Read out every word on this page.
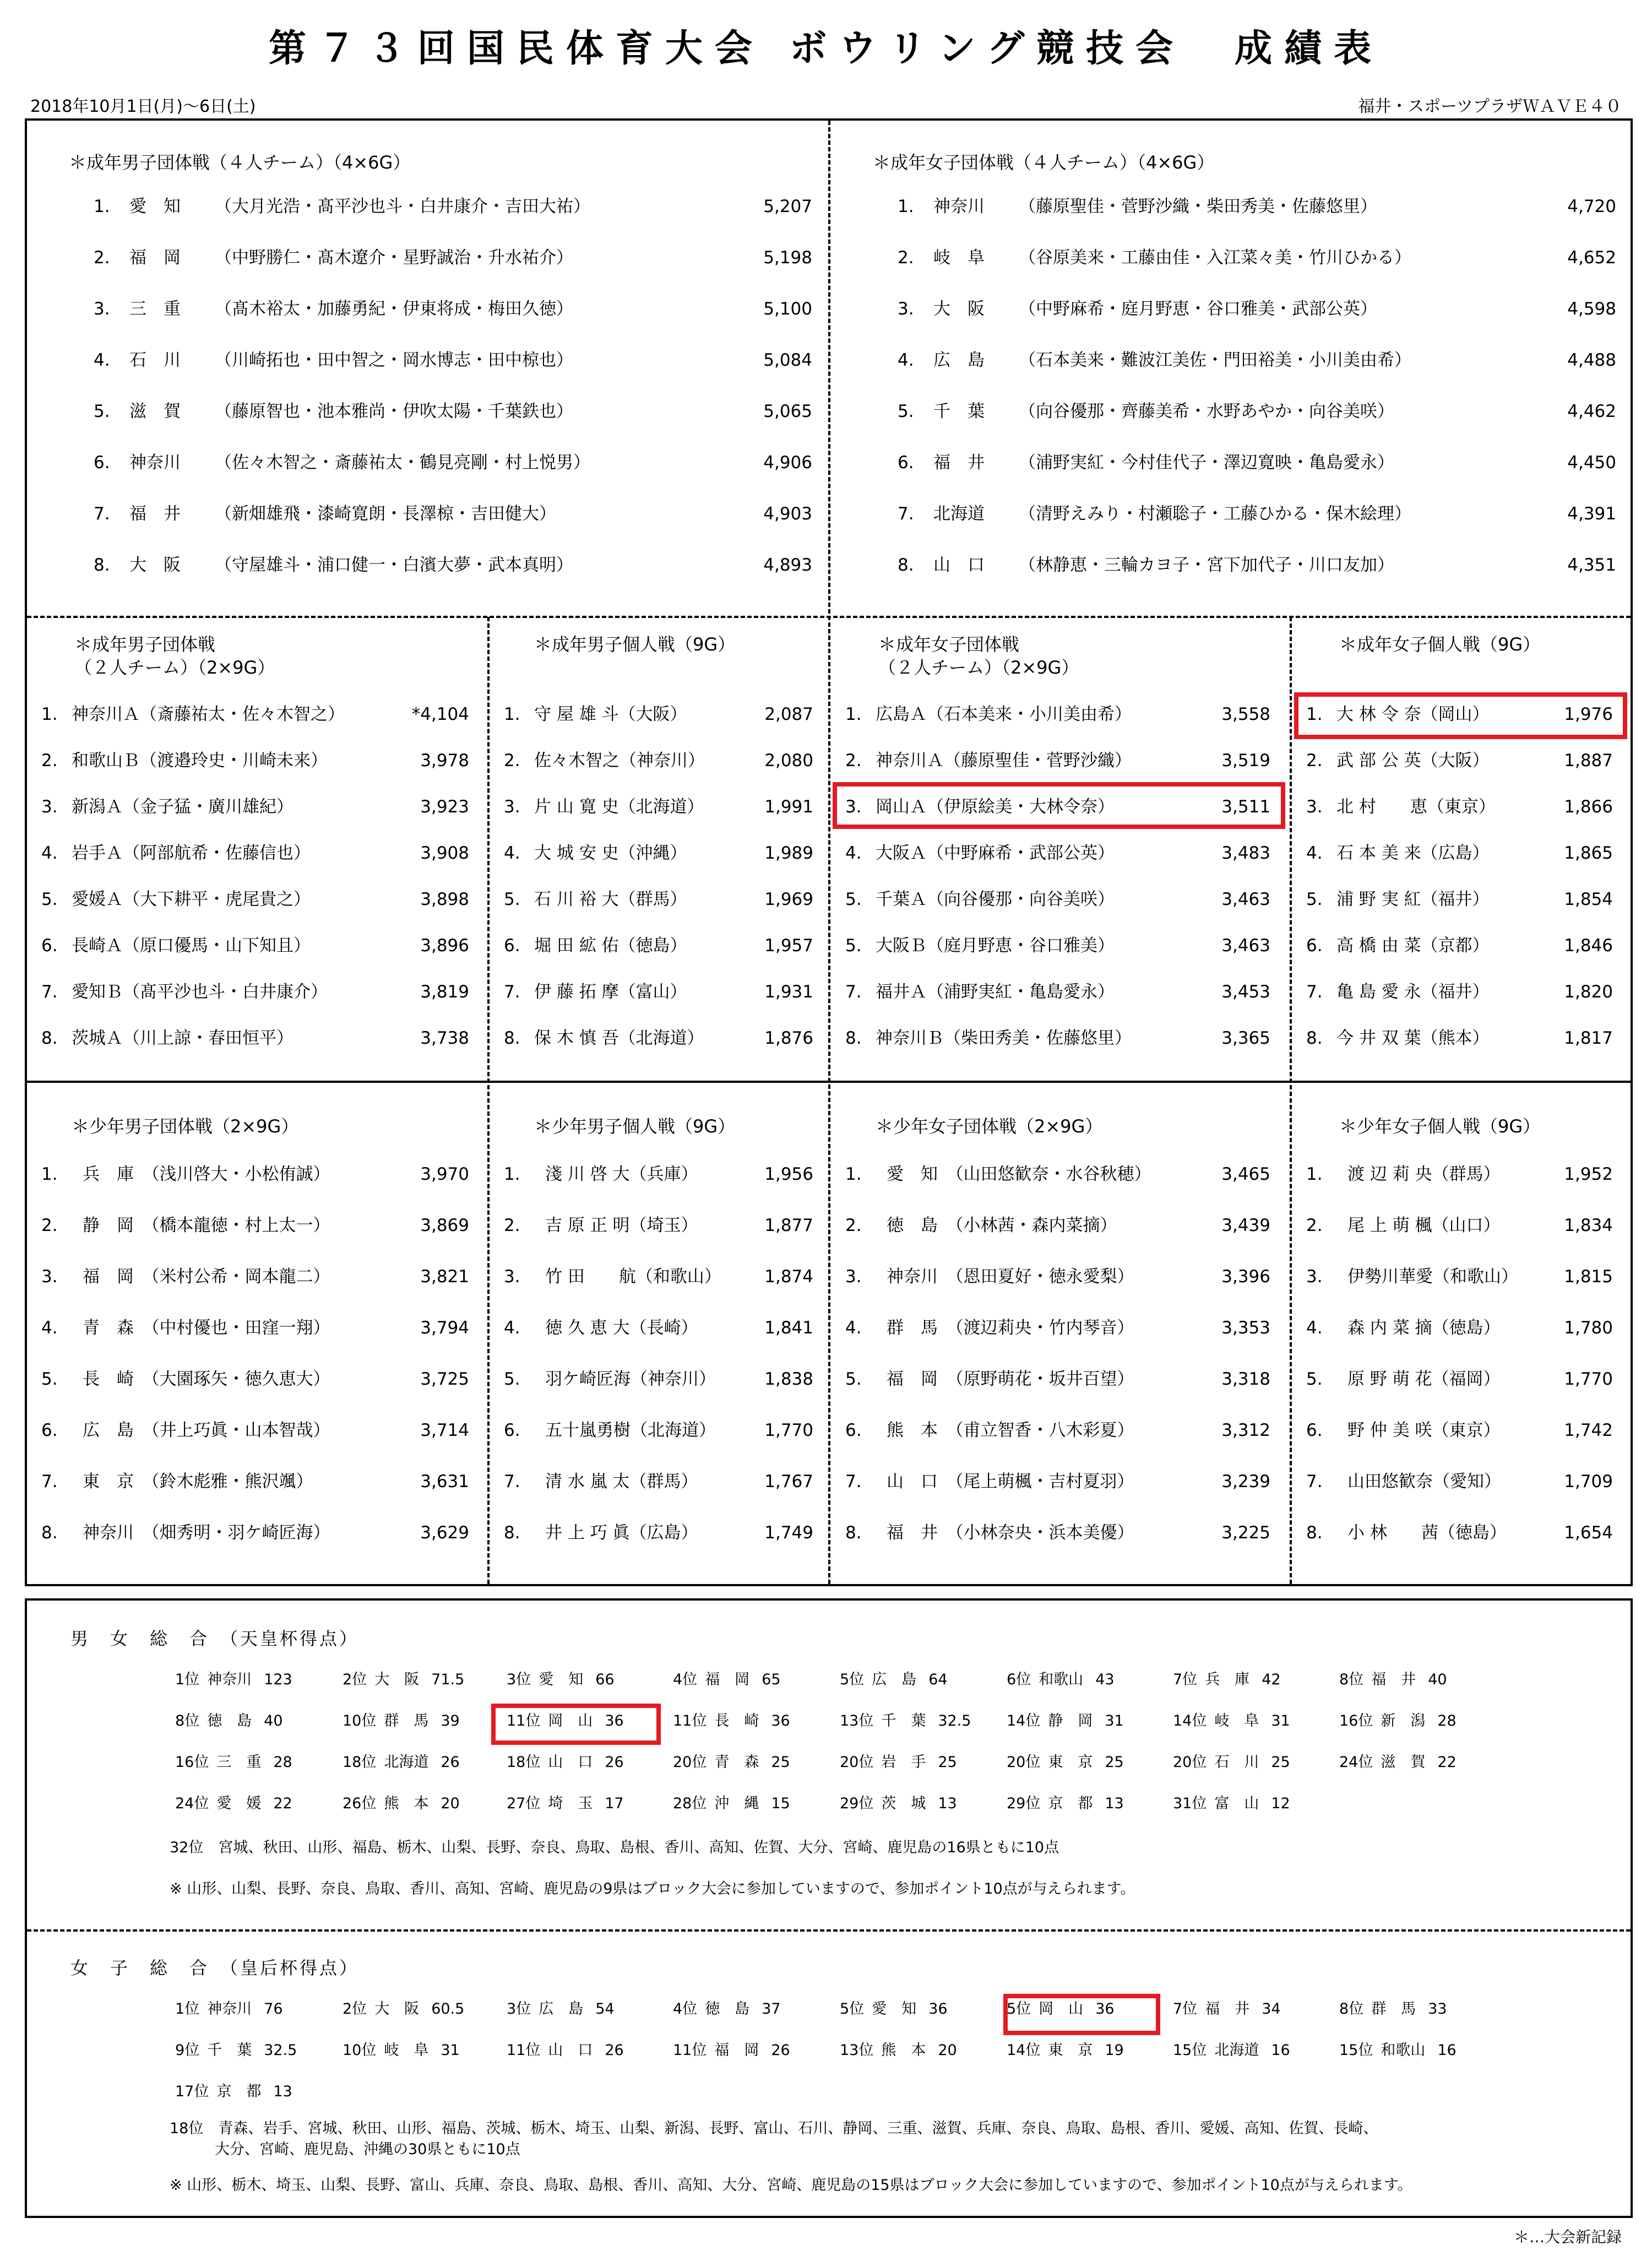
第７３回国民体育大会 ボウリング競技会　成績表
2018年10月1日(月)～6日(土)	福井・スポーツプラザＷＡＶＥ４０
＊成年男子団体戦（４人チーム）（4×6G）
1. 愛　知 （大月光浩・髙平沙也斗・白井康介・吉田大祐）	5,207
2. 福　岡 （中野勝仁・髙木遼介・星野誠治・升水祐介）	5,198
3. 三　重 （髙木裕太・加藤勇紀・伊東将成・梅田久徳）	5,100
4. 石　川 （川崎拓也・田中智之・岡水博志・田中椋也）	5,084
5. 滋　賀 （藤原智也・池本雅尚・伊吹太陽・千葉鉄也）	5,065
6. 神奈川 （佐々木智之・斎藤祐太・鶴見亮剛・村上悦男）	4,906
7. 福　井 （新畑雄飛・漆崎寛朗・長澤椋・吉田健大）	4,903
8. 大　阪 （守屋雄斗・浦口健一・白濱大夢・武本真明）	4,893
＊成年女子団体戦（４人チーム）（4×6G）
1. 神奈川 （藤原聖佳・菅野沙織・柴田秀美・佐藤悠里）	4,720
2. 岐　阜 （谷原美来・工藤由佳・入江菜々美・竹川ひかる）	4,652
3. 大　阪 （中野麻希・庭月野恵・谷口雅美・武部公英）	4,598
4. 広　島 （石本美来・難波江美佐・門田裕美・小川美由希）	4,488
5. 千　葉 （向谷優那・齊藤美希・水野あやか・向谷美咲）	4,462
6. 福　井 （浦野実紅・今村佳代子・澤辺寛映・亀島愛永）	4,450
7. 北海道 （清野えみり・村瀬聡子・工藤ひかる・保木絵理）	4,391
8. 山　口 （林静恵・三輪カヨ子・宮下加代子・川口友加）	4,351
＊成年男子団体戦
（２人チーム）（2×9G）
1. 神奈川Ａ（斎藤祐太・佐々木智之）	*4,104
2. 和歌山Ｂ（渡邉玲史・川崎未来）	3,978
3. 新潟Ａ（金子猛・廣川雄紀）	3,923
4. 岩手Ａ（阿部航希・佐藤信也）	3,908
5. 愛媛Ａ（大下耕平・虎尾貴之）	3,898
6. 長崎Ａ（原口優馬・山下知且）	3,896
7. 愛知Ｂ（髙平沙也斗・白井康介）	3,819
8. 茨城Ａ（川上諒・春田恒平）	3,738
＊成年男子個人戦（9G）
1. 守 屋 雄 斗（大阪）	2,087
2. 佐々木智之（神奈川）	2,080
3. 片 山 寛 史（北海道）	1,991
4. 大 城 安 史（沖縄）	1,989
5. 石 川 裕 大（群馬）	1,969
6. 堀 田 絋 佑（徳島）	1,957
7. 伊 藤 拓 摩（富山）	1,931
8. 保 木 慎 吾（北海道）	1,876
＊成年女子団体戦
（２人チーム）（2×9G）
1. 広島Ａ（石本美来・小川美由希）	3,558
2. 神奈川Ａ（藤原聖佳・菅野沙織）	3,519
3. 岡山Ａ（伊原絵美・大林令奈）	3,511
4. 大阪Ａ（中野麻希・武部公英）	3,483
5. 千葉Ａ（向谷優那・向谷美咲）	3,463
5. 大阪Ｂ（庭月野恵・谷口雅美）	3,463
7. 福井Ａ（浦野実紅・亀島愛永）	3,453
8. 神奈川Ｂ（柴田秀美・佐藤悠里）	3,365
＊成年女子個人戦（9G）
1. 大 林 令 奈（岡山）	1,976
2. 武 部 公 英（大阪）	1,887
3. 北 村　　恵（東京）	1,866
4. 石 本 美 来（広島）	1,865
5. 浦 野 実 紅（福井）	1,854
6. 高 橋 由 菜（京都）	1,846
7. 亀 島 愛 永（福井）	1,820
8. 今 井 双 葉（熊本）	1,817
＊少年男子団体戦（2×9G）
1. 兵　庫　（浅川啓大・小松侑誠）	3,970
2. 静　岡　（橋本龍徳・村上太一）	3,869
3. 福　岡　（米村公希・岡本龍二）	3,821
4. 青　森　（中村優也・田窪一翔）	3,794
5. 長　崎　（大園琢矢・徳久恵大）	3,725
6. 広　島　（井上巧眞・山本智哉）	3,714
7. 東　京　（鈴木彪雅・熊沢颯）	3,631
8. 神奈川　（畑秀明・羽ケ崎匠海）	3,629
＊少年男子個人戦（9G）
1. 淺 川 啓 大（兵庫）	1,956
2. 吉 原 正 明（埼玉）	1,877
3. 竹 田　　航（和歌山）	1,874
4. 徳 久 恵 大（長崎）	1,841
5. 羽ケ崎匠海（神奈川）	1,838
6. 五十嵐勇樹（北海道）	1,770
7. 清 水 嵐 太（群馬）	1,767
8. 井 上 巧 眞（広島）	1,749
＊少年女子団体戦（2×9G）
1. 愛　知　（山田悠歓奈・水谷秋穂）	3,465
2. 徳　島　（小林茜・森内菜摘）	3,439
3. 神奈川　（恩田夏好・徳永愛梨）	3,396
4. 群　馬　（渡辺莉央・竹内琴音）	3,353
5. 福　岡　（原野萌花・坂井百望）	3,318
6. 熊　本　（甫立智香・八木彩夏）	3,312
7. 山　口　（尾上萌楓・吉村夏羽）	3,239
8. 福　井　（小林奈央・浜本美優）	3,225
＊少年女子個人戦（9G）
1. 渡 辺 莉 央（群馬）	1,952
2. 尾 上 萌 楓（山口）	1,834
3. 伊勢川華愛（和歌山）	1,815
4. 森 内 菜 摘（徳島）	1,780
5. 原 野 萌 花（福岡）	1,770
6. 野 仲 美 咲（東京）	1,742
7. 山田悠歓奈（愛知）	1,709
8. 小 林　　茜（徳島）	1,654
男　女　総　合　（天皇杯得点）
1位 神奈川 123	2位 大　阪 71.5	3位 愛　知 66	4位 福　岡 65	5位 広　島 64	6位 和歌山 43	7位 兵　庫 42	8位 福　井 40
8位 徳　島 40	10位 群　馬 39	11位 岡　山 36	11位 長　崎 36	13位 千　葉 32.5 14位 静　岡 31	14位 岐　阜 31	16位 新　潟 28
16位 三　重 28	18位 北海道 26	18位 山　口 26	20位 青　森 25	20位 岩　手 25	20位 東　京 25	20位 石　川 25	24位 滋　賀 22
24位 愛　媛 22	26位 熊　本 20	27位 埼　玉 17	28位 沖　縄 15	29位 茨　城 13	29位 京　都 13	31位 富　山 12
32位　宮城、秋田、山形、福島、栃木、山梨、長野、奈良、鳥取、島根、香川、高知、佐賀、大分、宮崎、鹿児島の16県ともに10点
※ 山形、山梨、長野、奈良、鳥取、香川、高知、宮崎、鹿児島の9県はブロック大会に参加していますので、参加ポイント10点が与えられます。
女　子　総　合　（皇后杯得点）
1位 神奈川 76	2位 大　阪 60.5	3位 広　島 54	4位 徳　島 37	5位 愛　知 36	5位 岡　山 36	7位 福　井 34	8位 群　馬 33
9位 千　葉 32.5	10位 岐　阜 31	11位 山　口 26	11位 福　岡 26	13位 熊　本 20	14位 東　京 19	15位 北海道 16	15位 和歌山 16
17位 京　都 13
18位　青森、岩手、宮城、秋田、山形、福島、茨城、栃木、埼玉、山梨、新潟、長野、富山、石川、静岡、三重、滋賀、兵庫、奈良、鳥取、島根、香川、愛媛、高知、佐賀、長崎、
大分、宮崎、鹿児島、沖縄の30県ともに10点
※ 山形、栃木、埼玉、山梨、長野、富山、兵庫、奈良、鳥取、島根、香川、高知、大分、宮崎、鹿児島の15県はブロック大会に参加していますので、参加ポイント10点が与えられます。
＊…大会新記録
